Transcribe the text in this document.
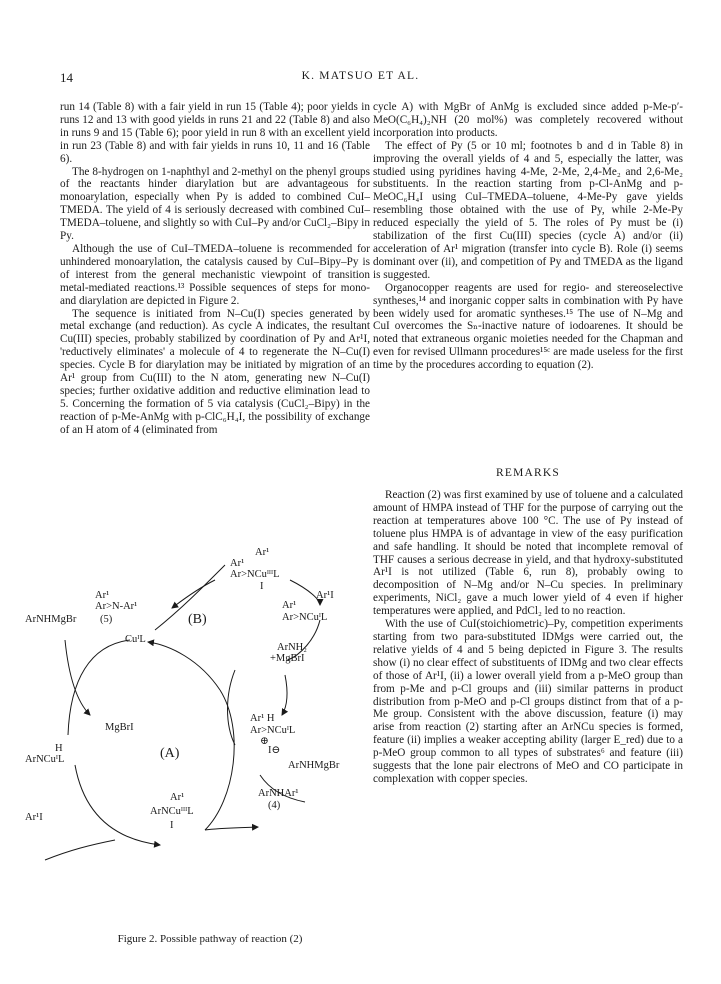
14	K. MATSUO ET AL.

run 14 (Table 8) with a fair yield in run 15 (Table 4); poor yields in runs 12 and 13 with good yields in runs 21 and 22 (Table 8) and also in runs 9 and 15 (Table 6); poor yield in run 8 with an excellent yield in run 23 (Table 8) and with fair yields in runs 10, 11 and 16 (Table 6).

The 8-hydrogen on 1-naphthyl and 2-methyl on the phenyl groups of the reactants hinder diarylation but are advantageous for monoarylation, especially when Py is added to combined CuI–TMEDA. The yield of 4 is seriously decreased with combined CuI–TMEDA–toluene, and slightly so with CuI–Py and/or CuCl₂–Bipy in Py.

Although the use of CuI–TMEDA–toluene is recommended for unhindered monoarylation, the catalysis caused by CuI–Bipy–Py is of interest from the general mechanistic viewpoint of transition metal-mediated reactions.¹³ Possible sequences of steps for mono- and diarylation are depicted in Figure 2.

The sequence is initiated from N–Cu(I) species generated by metal exchange (and reduction). As cycle A indicates, the resultant Cu(III) species, probably stabilized by coordination of Py and Ar¹I, 'reductively eliminates' a molecule of 4 to regenerate the N–Cu(I) species. Cycle B for diarylation may be initiated by migration of an Ar¹ group from Cu(III) to the N atom, generating new N–Cu(I) species; further oxidative addition and reductive elimination lead to 5. Concerning the formation of 5 via catalysis (CuCl₂–Bipy) in the reaction of p-Me-AnMg with p-ClC₆H₄I, the possibility of exchange of an H atom of 4 (eliminated from

cycle A) with MgBr of AnMg is excluded since added p-Me-p′-MeO(C₆H₄)₂NH (20 mol%) was completely recovered without incorporation into products.

The effect of Py (5 or 10 ml; footnotes b and d in Table 8) in improving the overall yields of 4 and 5, especially the latter, was studied using pyridines having 4-Me, 2-Me, 2,4-Me₂ and 2,6-Me₂ substituents. In the reaction starting from p-Cl-AnMg and p-MeOC₆H₄I using CuI–TMEDA–toluene, 4-Me-Py gave yields resembling those obtained with the use of Py, while 2-Me-Py reduced especially the yield of 5. The roles of Py must be (i) stabilization of the first Cu(III) species (cycle A) and/or (ii) acceleration of Ar¹ migration (transfer into cycle B). Role (i) seems dominant over (ii), and competition of Py and TMEDA as the ligand is suggested.

Organocopper reagents are used for regio- and stereoselective syntheses,¹⁴ and inorganic copper salts in combination with Py have been widely used for aromatic syntheses.¹⁵ The use of N–Mg and CuI overcomes the Sₙ-inactive nature of iodoarenes. It should be noted that extraneous organic moieties needed for the Chapman and even for revised Ullmann procedures¹⁵ᶜ are made useless for the first time by the procedures according to equation (2).

REMARKS

Reaction (2) was first examined by use of toluene and a calculated amount of HMPA instead of THF for the purpose of carrying out the reaction at temperatures above 100 °C. The use of Py instead of toluene plus HMPA is of advantage in view of the easy purification and safe handling. It should be noted that incomplete removal of THF causes a serious decrease in yield, and that hydroxy-substituted Ar¹I is not utilized (Table 6, run 8), probably owing to decomposition of N–Mg and/or N–Cu species. In preliminary experiments, NiCl₂ gave a much lower yield of 4 even if higher temperatures were applied, and PdCl₂ led to no reaction.

With the use of CuI(stoichiometric)–Py, competition experiments starting from two para-substituted IDMgs were carried out, the relative yields of 4 and 5 being depicted in Figure 3. The results show (i) no clear effect of substituents of IDMg and two clear effects of those of Ar¹I, (ii) a lower overall yield from a p-MeO group than from p-Me and p-Cl groups and (iii) similar patterns in product distribution from p-MeO and p-Cl groups distinct from that of a p-Me group. Consistent with the above discussion, feature (i) may arise from reaction (2) starting after an ArNCu species is formed, feature (ii) implies a weaker accepting ability (larger E_red) due to a p-MeO group common to all types of substrates⁶ and feature (iii) suggests that the lone pair electrons of MeO and CO participate in complexation with copper species.

Ar¹
Ar¹
Ar>NCuᴵᴵᴵL
I
Ar¹I
Ar¹
Ar>N-Ar¹
(5)	(B)
Ar¹
Ar>NCuᴵL
ArNHMgBr
ArNH₂
+MgBrI
CuᴵL
Ar¹ H
Ar>NCuᴵL
⊕
I⊖
ArNHMgBr
MgBrI
H
ArNCuᴵL	(A)
Ar¹
ArNCuᴵᴵᴵL
I
ArNHAr¹
(4)
Ar¹I
Figure 2. Possible pathway of reaction (2)
